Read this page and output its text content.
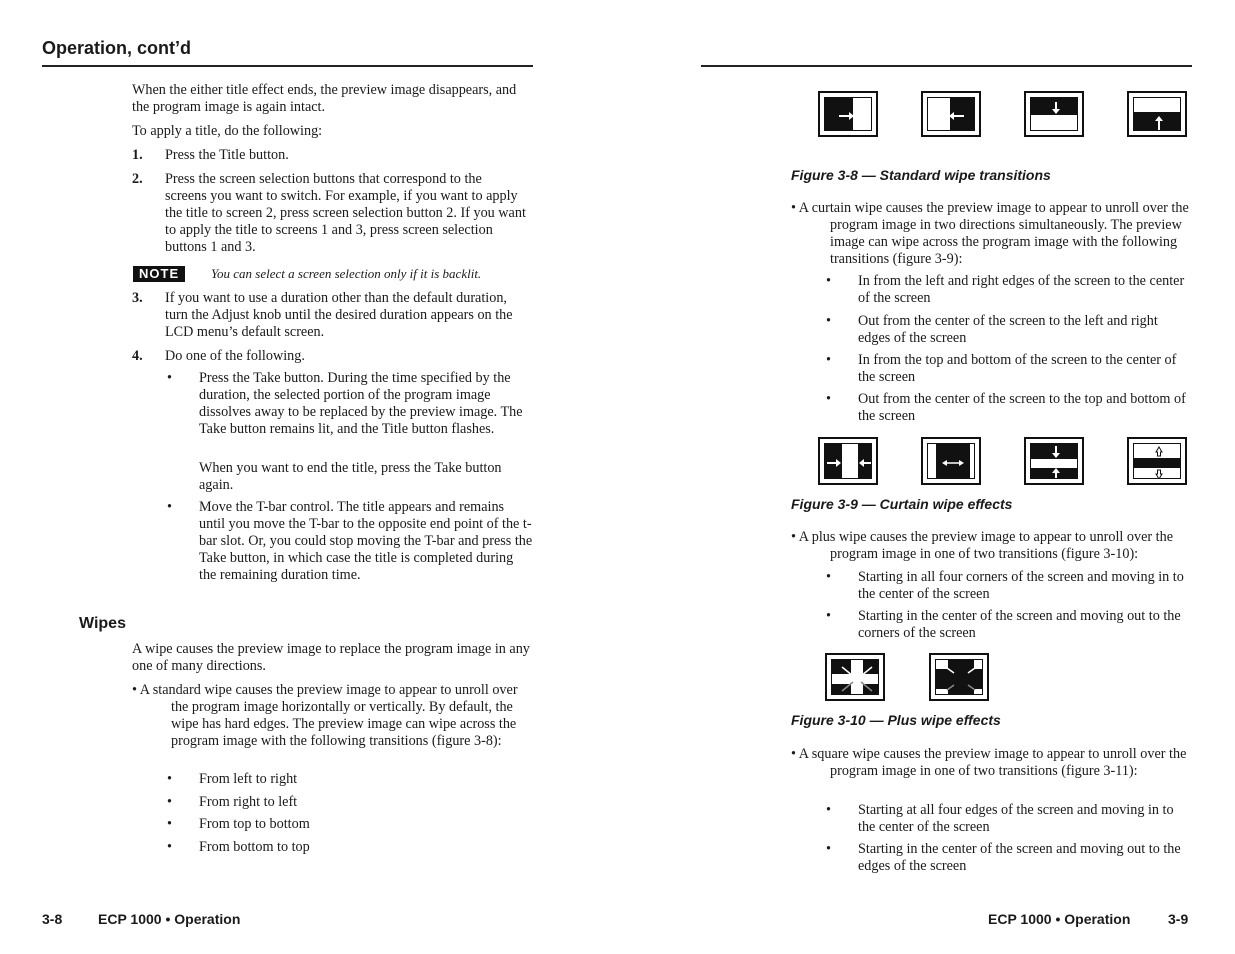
Operation, cont’d
When the either title effect ends, the preview image disappears, and the program image is again intact.
To apply a title, do the following:
1. Press the Title button.
2. Press the screen selection buttons that correspond to the screens you want to switch. For example, if you want to apply the title to screen 2, press screen selection button 2. If you want to apply the title to screens 1 and 3, press screen selection buttons 1 and 3.
NOTE	You can select a screen selection only if it is backlit.
3. If you want to use a duration other than the default duration, turn the Adjust knob until the desired duration appears on the LCD menu’s default screen.
4. Do one of the following.
• Press the Take button. During the time specified by the duration, the selected portion of the program image dissolves away to be replaced by the preview image. The Take button remains lit, and the Title button flashes.
When you want to end the title, press the Take button again.
• Move the T-bar control. The title appears and remains until you move the T-bar to the opposite end point of the t-bar slot. Or, you could stop moving the T-bar and press the Take button, in which case the title is completed during the remaining duration time.
Wipes
A wipe causes the preview image to replace the program image in any one of many directions.
• A standard wipe causes the preview image to appear to unroll over the program image horizontally or vertically. By default, the wipe has hard edges. The preview image can wipe across the program image with the following transitions (figure 3-8):
• From left to right
• From right to left
• From top to bottom
• From bottom to top
3-8	ECP 1000 • Operation
Figure 3-8 — Standard wipe transitions
• A curtain wipe causes the preview image to appear to unroll over the program image in two directions simultaneously. The preview image can wipe across the program image with the following transitions (figure 3-9):
• In from the left and right edges of the screen to the center of the screen
• Out from the center of the screen to the left and right edges of the screen
• In from the top and bottom of the screen to the center of the screen
• Out from the center of the screen to the top and bottom of the screen
Figure 3-9 — Curtain wipe effects
• A plus wipe causes the preview image to appear to unroll over the program image in one of two transitions (figure 3-10):
• Starting in all four corners of the screen and moving in to the center of the screen
• Starting in the center of the screen and moving out to the corners of the screen
Figure 3-10 — Plus wipe effects
• A square wipe causes the preview image to appear to unroll over the program image in one of two transitions (figure 3-11):
• Starting at all four edges of the screen and moving in to the center of the screen
• Starting in the center of the screen and moving out to the edges of the screen
ECP 1000 • Operation	3-9
